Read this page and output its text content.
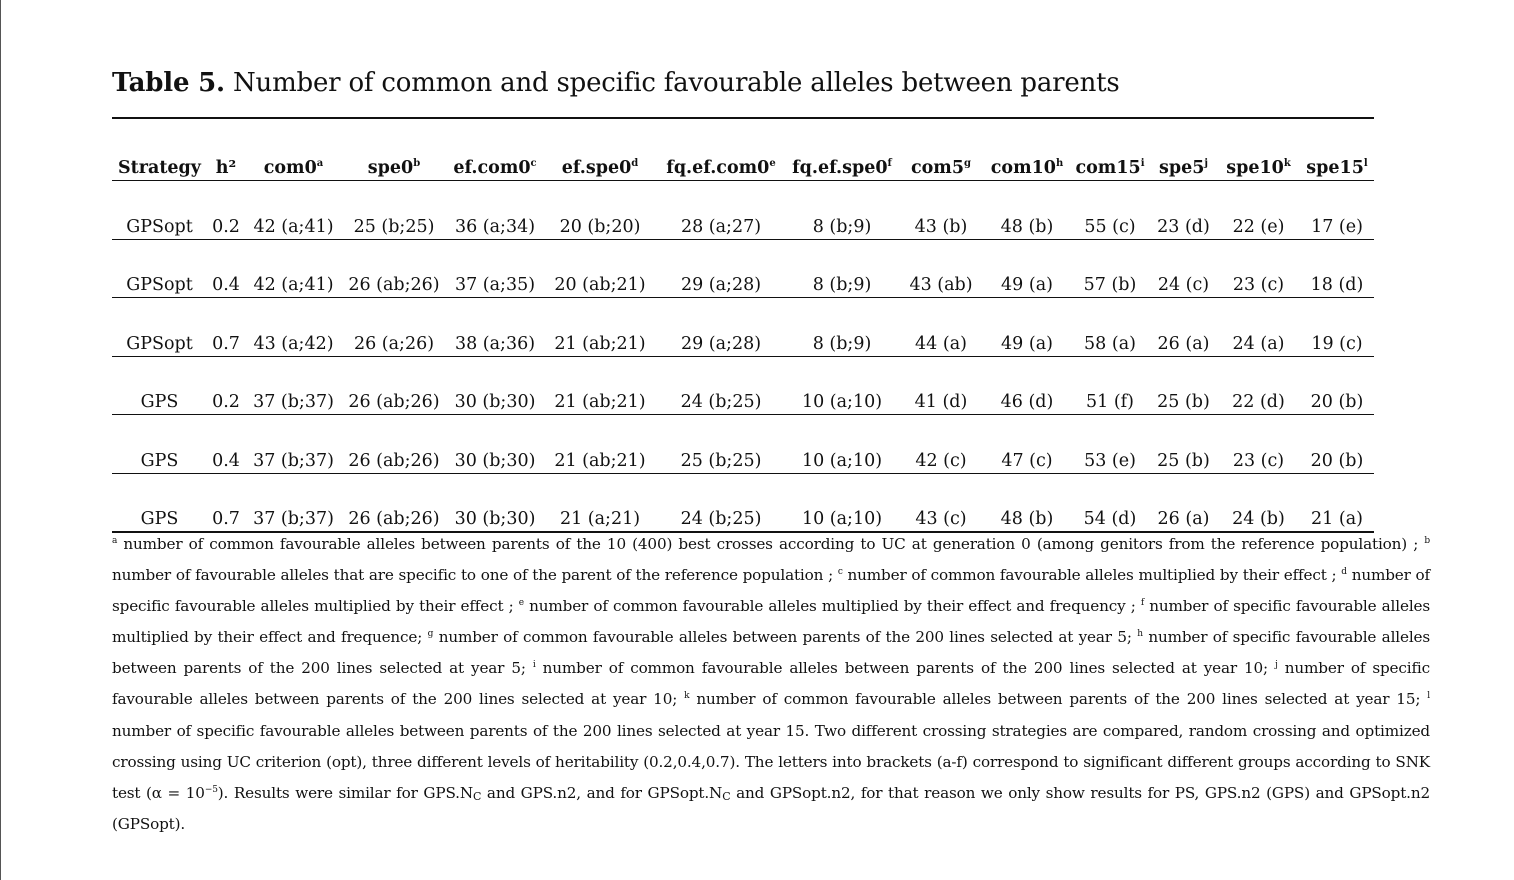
Table 5. Number of common and specific favourable alleles between parents
Strategy	h²	com0$^a$	spe0$^b$	ef.com0$^c$	ef.spe0$^d$	fq.ef.com0e	fq.ef.spe0$^f$	com5$^g$	com10$^h$	com15$^i$	spe5$^j$	spe10$^k$	spe15$^l$
GPSopt	0.2	42 (a;41)	25 (b;25)	36 (a;34)	20 (b;20)	28 (a;27)	8 (b;9)	43 (b)	48 (b)	55 (c)	23 (d)	22 (e)	17 (e)
GPSopt	0.4	42 (a;41)	26 (ab;26)	37 (a;35)	20 (ab;21)	29 (a;28)	8 (b;9)	43 (ab)	49 (a)	57 (b)	24 (c)	23 (c)	18 (d)
GPSopt	0.7	43 (a;42)	26 (a;26)	38 (a;36)	21 (ab;21)	29 (a;28)	8 (b;9)	44 (a)	49 (a)	58 (a)	26 (a)	24 (a)	19 (c)
GPS	0.2	37 (b;37)	26 (ab;26)	30 (b;30)	21 (ab;21)	24 (b;25)	10 (a;10)	41 (d)	46 (d)	51 (f)	25 (b)	22 (d)	20 (b)
GPS	0.4	37 (b;37)	26 (ab;26)	30 (b;30)	21 (ab;21)	25 (b;25)	10 (a;10)	42 (c)	47 (c)	53 (e)	25 (b)	23 (c)	20 (b)
GPS	0.7	37 (b;37)	26 (ab;26)	30 (b;30)	21 (a;21)	24 (b;25)	10 (a;10)	43 (c)	48 (b)	54 (d)	26 (a)	24 (b)	21 (a)
$^a$ number of common favourable alleles between parents of the 10 (400) best crosses according to UC at generation 0 (among genitors from the reference population) ; $^b$ number of favourable alleles that are specific to one of the parent of the reference population ; $^c$ number of common favourable alleles multiplied by their effect ; $^d$ number of specific favourable alleles multiplied by their effect ; $^e$ number of common favourable alleles multiplied by their effect and frequency ; $^f$ number of specific favourable alleles multiplied by their effect and frequence; $^g$ number of common favourable alleles between parents of the 200 lines selected at year 5; $^h$ number of specific favourable alleles between parents of the 200 lines selected at year 5; $^i$ number of common favourable alleles between parents of the 200 lines selected at year 10; $^j$ number of specific favourable alleles between parents of the 200 lines selected at year 10; $^k$ number of common favourable alleles between parents of the 200 lines selected at year 15; $^l$ number of specific favourable alleles between parents of the 200 lines selected at year 15. Two different crossing strategies are compared, random crossing and optimized crossing using UC criterion (opt), three different levels of heritability (0.2,0.4,0.7). The letters into brackets (a-f) correspond to significant different groups according to SNK test $(\alpha = 10^{-5})$. Results were similar for $GPS.N_C$ and GPS.n2, and for $GPSopt.N_C$ and GPSopt.n2, for that reason we only show results for PS, GPS.n2 (GPS) and GPSopt.n2 (GPSopt).
